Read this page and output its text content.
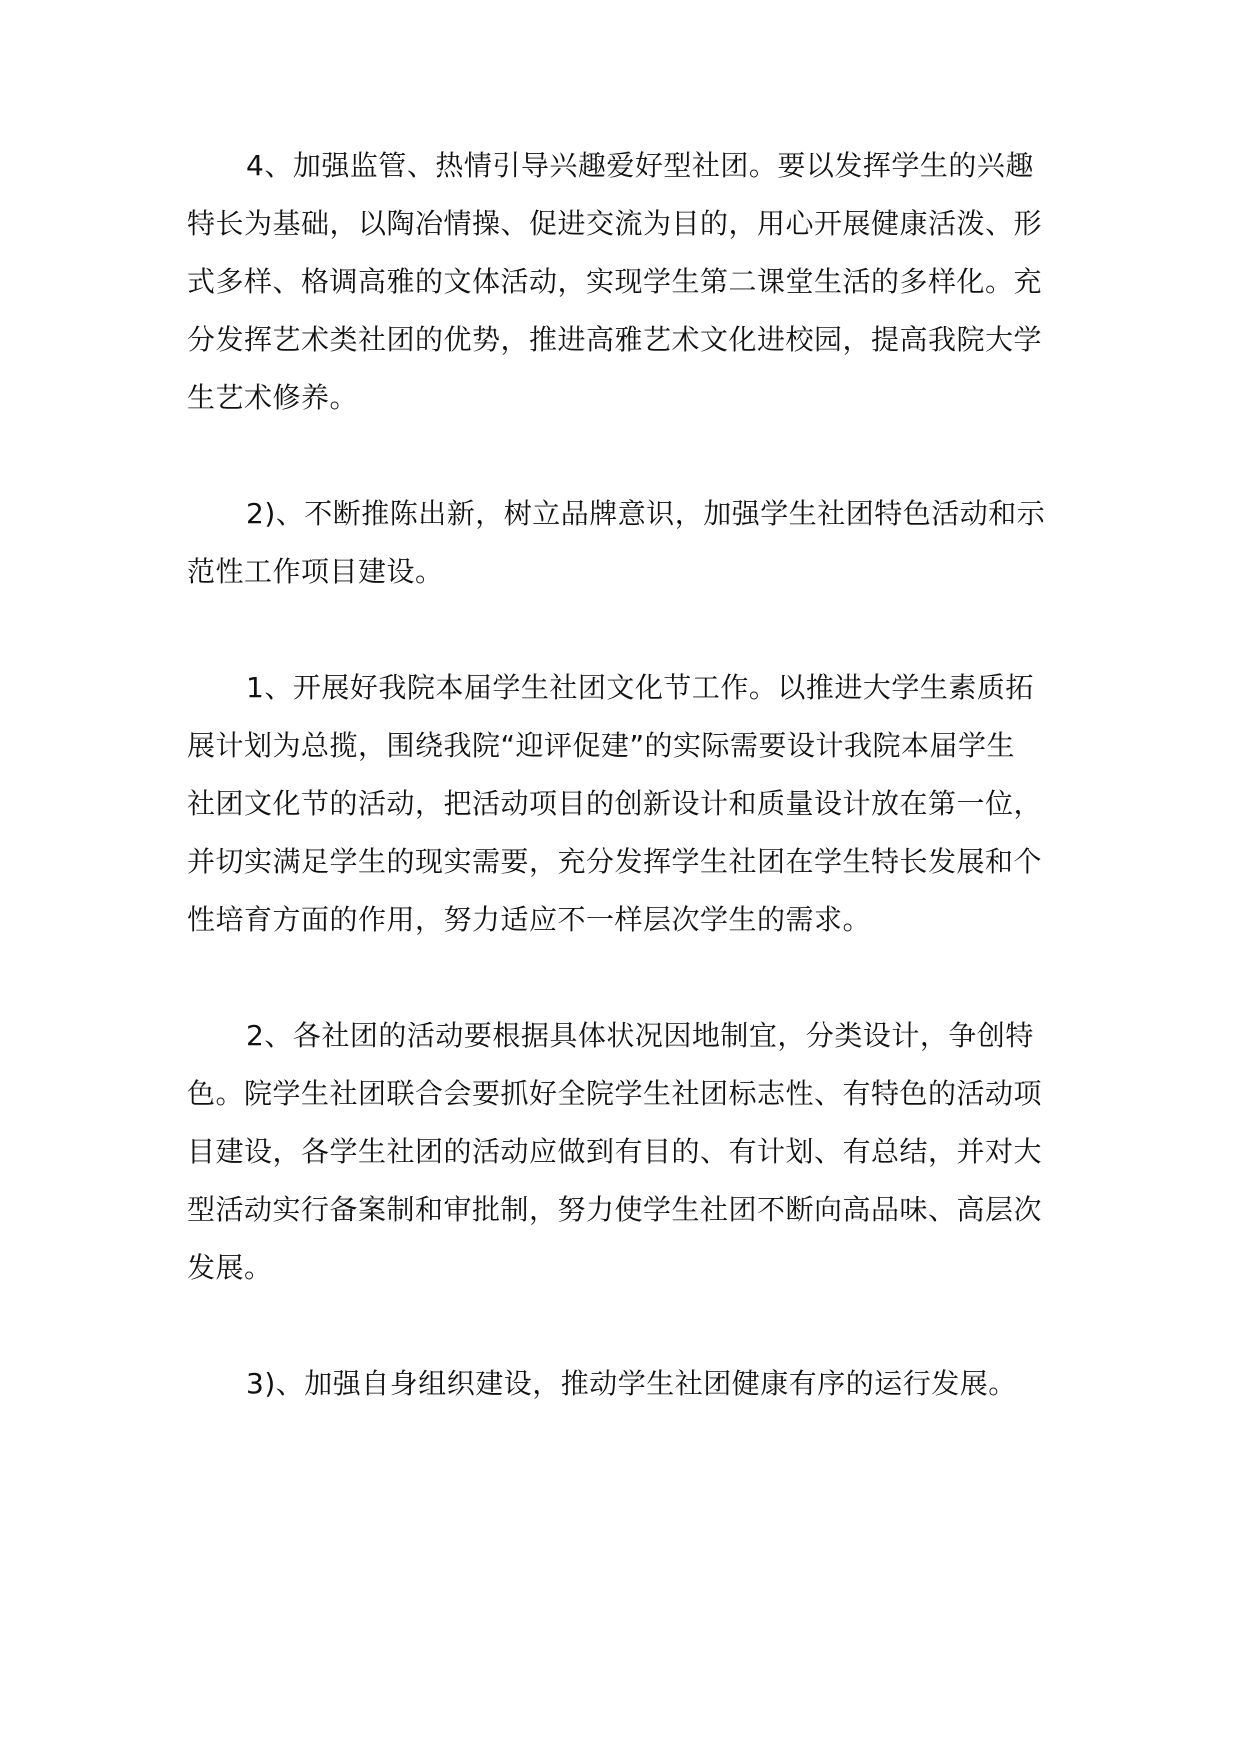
4、加强监管、热情引导兴趣爱好型社团。要以发挥学生的兴趣
特长为基础，以陶冶情操、促进交流为目的，用心开展健康活泼、形
式多样、格调高雅的文体活动，实现学生第二课堂生活的多样化。充
分发挥艺术类社团的优势，推进高雅艺术文化进校园，提高我院大学
生艺术修养。
2)、不断推陈出新，树立品牌意识，加强学生社团特色活动和示
范性工作项目建设。
1、开展好我院本届学生社团文化节工作。以推进大学生素质拓
展计划为总揽，围绕我院“迎评促建”的实际需要设计我院本届学生
社团文化节的活动，把活动项目的创新设计和质量设计放在第一位，
并切实满足学生的现实需要，充分发挥学生社团在学生特长发展和个
性培育方面的作用，努力适应不一样层次学生的需求。
2、各社团的活动要根据具体状况因地制宜，分类设计，争创特
色。院学生社团联合会要抓好全院学生社团标志性、有特色的活动项
目建设，各学生社团的活动应做到有目的、有计划、有总结，并对大
型活动实行备案制和审批制，努力使学生社团不断向高品味、高层次
发展。
3)、加强自身组织建设，推动学生社团健康有序的运行发展。
